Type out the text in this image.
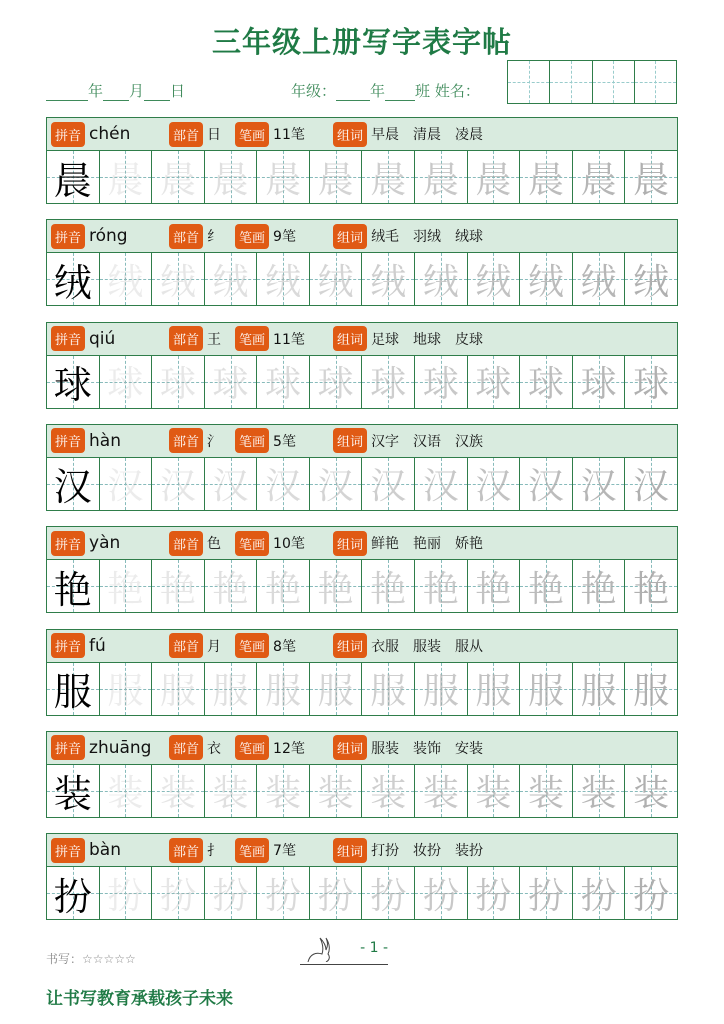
三年级上册写字表字帖
年 月 日	年级： 年 班 姓名：
拼音 chén	部首 日	笔画 11笔	组词 早晨　清晨　凌晨
晨 晨 晨 晨 晨 晨 晨 晨 晨 晨 晨 晨
拼音 róng	部首 纟	笔画 9笔	组词 绒毛　羽绒　绒球
绒 绒 绒 绒 绒 绒 绒 绒 绒 绒 绒 绒
拼音 qiú	部首 王	笔画 11笔	组词 足球　地球　皮球
球 球 球 球 球 球 球 球 球 球 球 球
拼音 hàn	部首 氵	笔画 5笔	组词 汉字　汉语　汉族
汉 汉 汉 汉 汉 汉 汉 汉 汉 汉 汉 汉
拼音 yàn	部首 色	笔画 10笔	组词 鲜艳　艳丽　娇艳
艳 艳 艳 艳 艳 艳 艳 艳 艳 艳 艳 艳
拼音 fú	部首 月	笔画 8笔	组词 衣服　服装　服从
服 服 服 服 服 服 服 服 服 服 服 服
拼音 zhuāng	部首 衣	笔画 12笔	组词 服装　装饰　安装
装 装 装 装 装 装 装 装 装 装 装 装
拼音 bàn	部首 扌	笔画 7笔	组词 打扮　妆扮　装扮
扮 扮 扮 扮 扮 扮 扮 扮 扮 扮 扮 扮
书写：☆☆☆☆☆
- 1 -
让书写教育承载孩子未来
